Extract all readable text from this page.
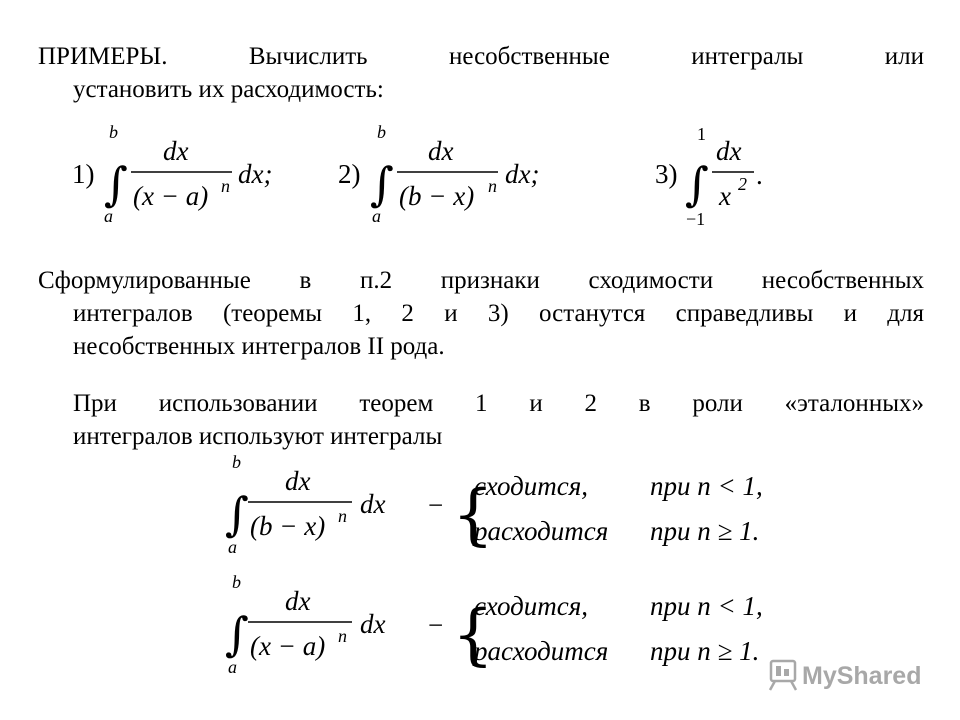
ПРИМЕРЫ. Вычислить несобственные интегралы или
установить их расходимость:
1) ∫
b
a
dx
(x − a) n dx; 2) ∫
b
a
dx
(b − x) n dx;	3) ∫
1
−1
dx
x 2 .
∫
b
a
dx
(b − x) n dx − {
сходится, при n < 1,
расходится при n ≥ 1.
∫
b
a
dx
(x − a) n dx − {
сходится, при n < 1,
расходится при n ≥ 1.
MyShared
Сформулированные в п.2 признаки сходимости несобственных
интегралов (теоремы 1, 2 и 3) останутся справедливы и для
несобственных интегралов II рода.
При использовании теорем 1 и 2 в роли «эталонных»
интегралов используют интегралы
